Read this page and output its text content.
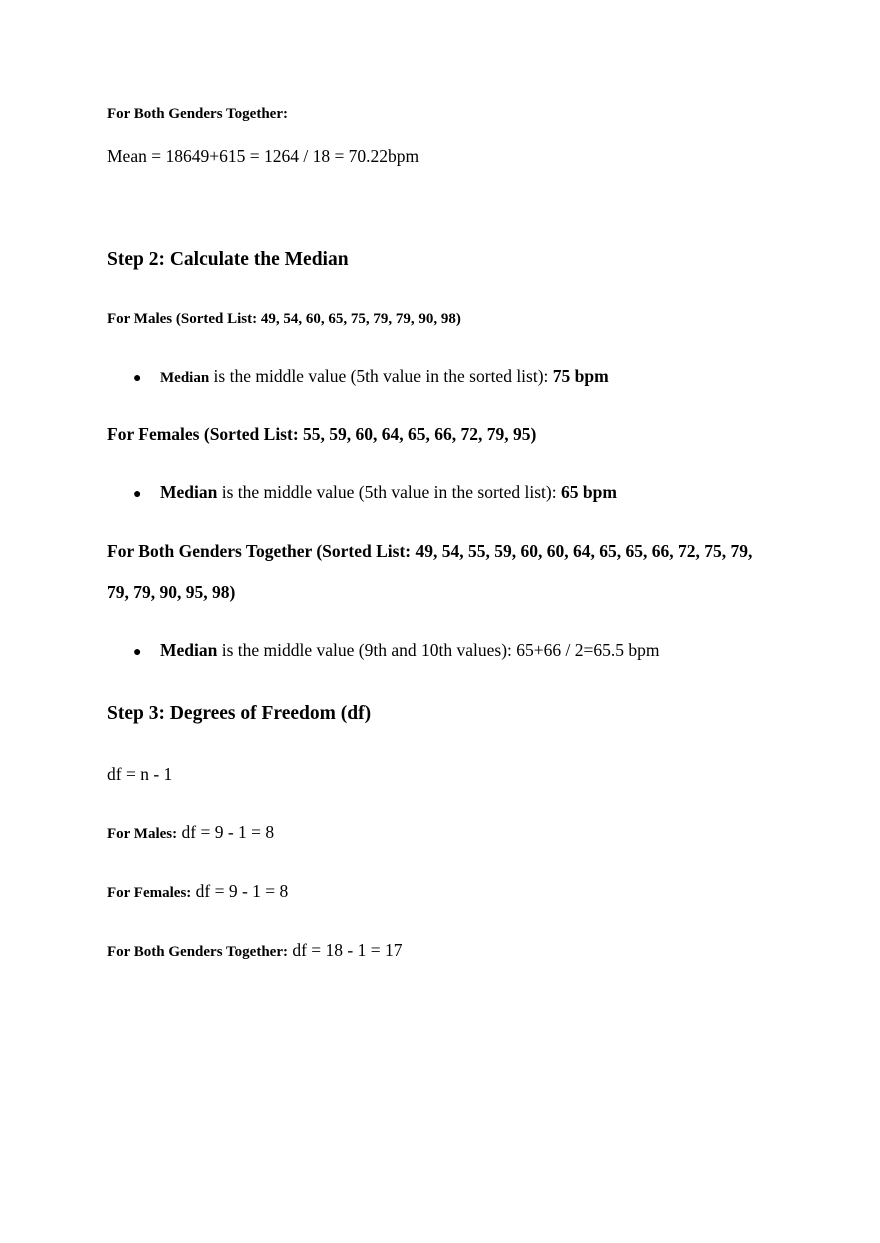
For Both Genders Together:
Mean = 18649+615 = 1264 / 18 = 70.22bpm
Step 2: Calculate the Median
For Males (Sorted List: 49, 54, 60, 65, 75, 79, 79, 90, 98)
● Median is the middle value (5th value in the sorted list): 75 bpm
For Females (Sorted List: 55, 59, 60, 64, 65, 66, 72, 79, 95)
● Median is the middle value (5th value in the sorted list): 65 bpm
For Both Genders Together (Sorted List: 49, 54, 55, 59, 60, 60, 64, 65, 65, 66, 72, 75, 79,
79, 79, 90, 95, 98)
● Median is the middle value (9th and 10th values): 65+66 / 2=65.5 bpm
Step 3: Degrees of Freedom (df)
df = n - 1
For Males: df = 9 - 1 = 8
For Females: df = 9 - 1 = 8
For Both Genders Together: df = 18 - 1 = 17
